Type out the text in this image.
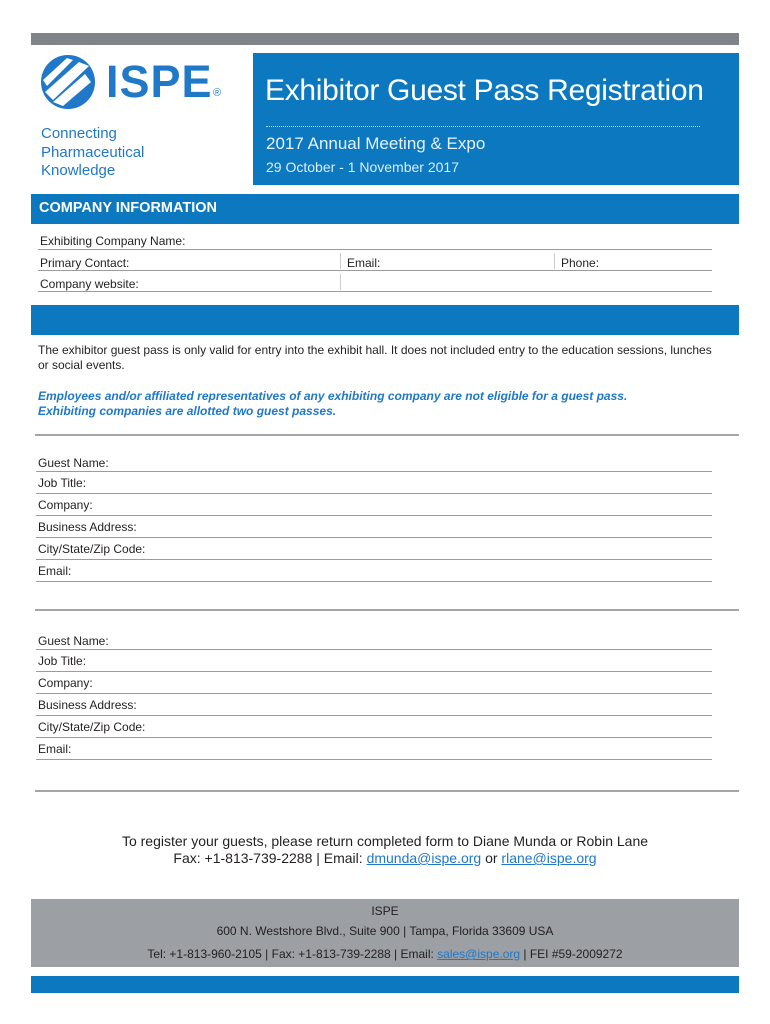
ISPE ®
Connecting
Pharmaceutical
Knowledge
Exhibitor Guest Pass Registration
2017 Annual Meeting & Expo
29 October - 1 November 2017
COMPANY INFORMATION
Exhibiting Company Name:
Primary Contact:	Email:	Phone:
Company website:
The exhibitor guest pass is only valid for entry into the exhibit hall. It does not included entry to the education sessions, lunches or social events.
Employees and/or affiliated representatives of any exhibiting company are not eligible for a guest pass.
Exhibiting companies are allotted two guest passes.
Guest Name:
Job Title:
Company:
Business Address:
City/State/Zip Code:
Email:
Guest Name:
Job Title:
Company:
Business Address:
City/State/Zip Code:
Email:
To register your guests, please return completed form to Diane Munda or Robin Lane
Fax: +1-813-739-2288 | Email: dmunda@ispe.org or rlane@ispe.org
ISPE
600 N. Westshore Blvd., Suite 900 | Tampa, Florida 33609 USA
Tel: +1-813-960-2105 | Fax: +1-813-739-2288 | Email: sales@ispe.org | FEI #59-2009272
